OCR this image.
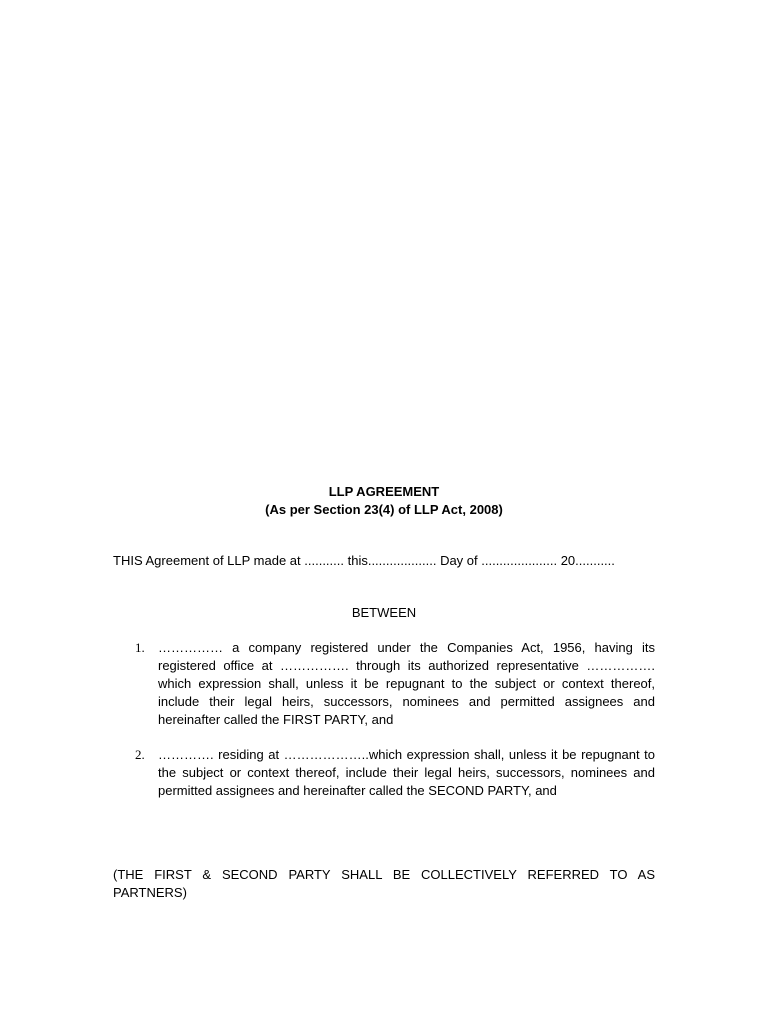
LLP AGREEMENT
(As per Section 23(4) of LLP Act, 2008)
THIS Agreement of LLP made at ........... this................... Day of ..................... 20...........
BETWEEN
1. …………… a company registered under the Companies Act, 1956, having its registered office at ……………. through its authorized representative ……………. which expression shall, unless it be repugnant to the subject or context thereof, include their legal heirs, successors, nominees and permitted assignees and hereinafter called the FIRST PARTY, and
2. …………. residing at ………………..which expression shall, unless it be repugnant to the subject or context thereof, include their legal heirs, successors, nominees and permitted assignees and hereinafter called the SECOND PARTY, and
(THE FIRST & SECOND PARTY SHALL BE COLLECTIVELY REFERRED TO AS PARTNERS)
